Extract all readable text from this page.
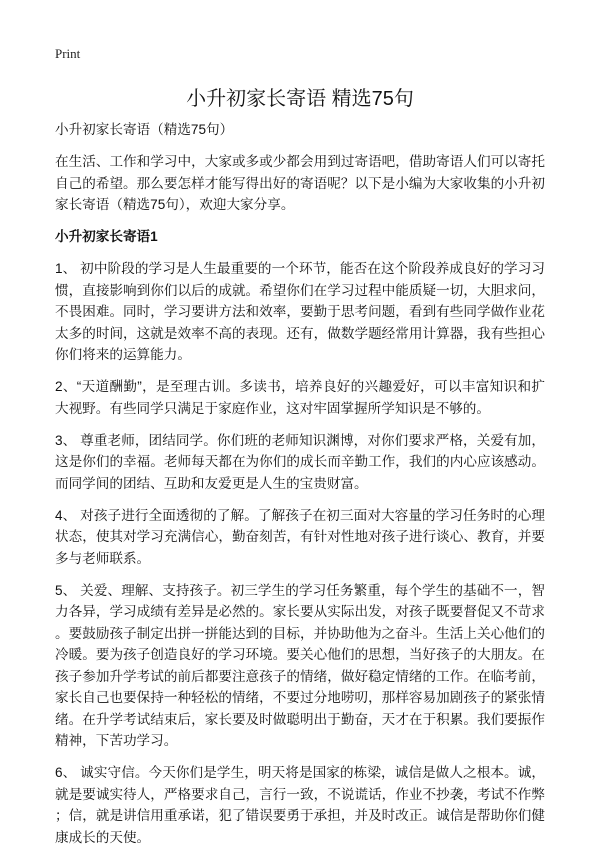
Print
小升初家长寄语 精选75句

小升初家长寄语（精选75句）

在生活、工作和学习中，大家或多或少都会用到过寄语吧，借助寄语人们可以寄托
自己的希望。那么要怎样才能写得出好的寄语呢？以下是小编为大家收集的小升初
家长寄语（精选75句），欢迎大家分享。

小升初家长寄语1

1、 初中阶段的学习是人生最重要的一个环节，能否在这个阶段养成良好的学习习
惯，直接影响到你们以后的成就。希望你们在学习过程中能质疑一切，大胆求问，
不畏困难。同时，学习要讲方法和效率，要勤于思考问题，看到有些同学做作业花
太多的时间，这就是效率不高的表现。还有，做数学题经常用计算器，我有些担心
你们将来的运算能力。

2、“天道酬勤”，是至理古训。多读书，培养良好的兴趣爱好，可以丰富知识和扩
大视野。有些同学只满足于家庭作业，这对牢固掌握所学知识是不够的。

3、 尊重老师，团结同学。你们班的老师知识渊博，对你们要求严格，关爱有加，
这是你们的幸福。老师每天都在为你们的成长而辛勤工作，我们的内心应该感动。
而同学间的团结、互助和友爱更是人生的宝贵财富。

4、 对孩子进行全面透彻的了解。了解孩子在初三面对大容量的学习任务时的心理
状态，使其对学习充满信心，勤奋刻苦，有针对性地对孩子进行谈心、教育，并要
多与老师联系。

5、 关爱、理解、支持孩子。初三学生的学习任务繁重，每个学生的基础不一，智
力各异，学习成绩有差异是必然的。家长要从实际出发，对孩子既要督促又不苛求
。要鼓励孩子制定出拼一拼能达到的目标，并协助他为之奋斗。生活上关心他们的
冷暖。要为孩子创造良好的学习环境。要关心他们的思想，当好孩子的大朋友。在
孩子参加升学考试的前后都要注意孩子的情绪，做好稳定情绪的工作。在临考前，
家长自己也要保持一种轻松的情绪，不要过分地唠叨，那样容易加剧孩子的紧张情
绪。在升学考试结束后，家长要及时做聪明出于勤奋，天才在于积累。我们要振作
精神，下苦功学习。

6、 诚实守信。今天你们是学生，明天将是国家的栋梁，诚信是做人之根本。诚，
就是要诚实待人，严格要求自己，言行一致，不说谎话，作业不抄袭，考试不作弊
；信，就是讲信用重承诺，犯了错误要勇于承担，并及时改正。诚信是帮助你们健
康成长的天使。
